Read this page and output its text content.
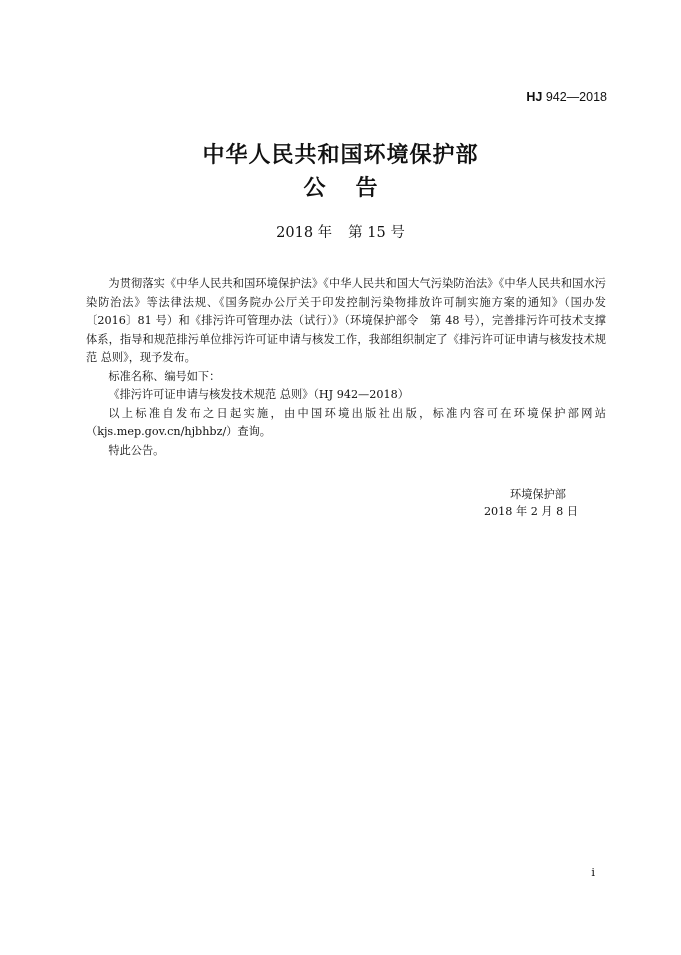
HJ 942—2018
中华人民共和国环境保护部
公 告
2018 年 第 15 号

为贯彻落实《中华人民共和国环境保护法》《中华人民共和国大气污染防治法》《中华人民共和国水污染防治法》等法律法规、《国务院办公厅关于印发控制污染物排放许可制实施方案的通知》（国办发〔2016〕81 号）和《排污许可管理办法（试行）》（环境保护部令　第 48 号），完善排污许可技术支撑体系，指导和规范排污单位排污许可证申请与核发工作，我部组织制定了《排污许可证申请与核发技术规范 总则》，现予发布。

标准名称、编号如下：

《排污许可证申请与核发技术规范 总则》（HJ 942—2018）

以上标准自发布之日起实施，由中国环境出版社出版，标准内容可在环境保护部网站（kjs.mep.gov.cn/hjbhbz/）查询。

特此公告。

环境保护部
2018 年 2 月 8 日
i
